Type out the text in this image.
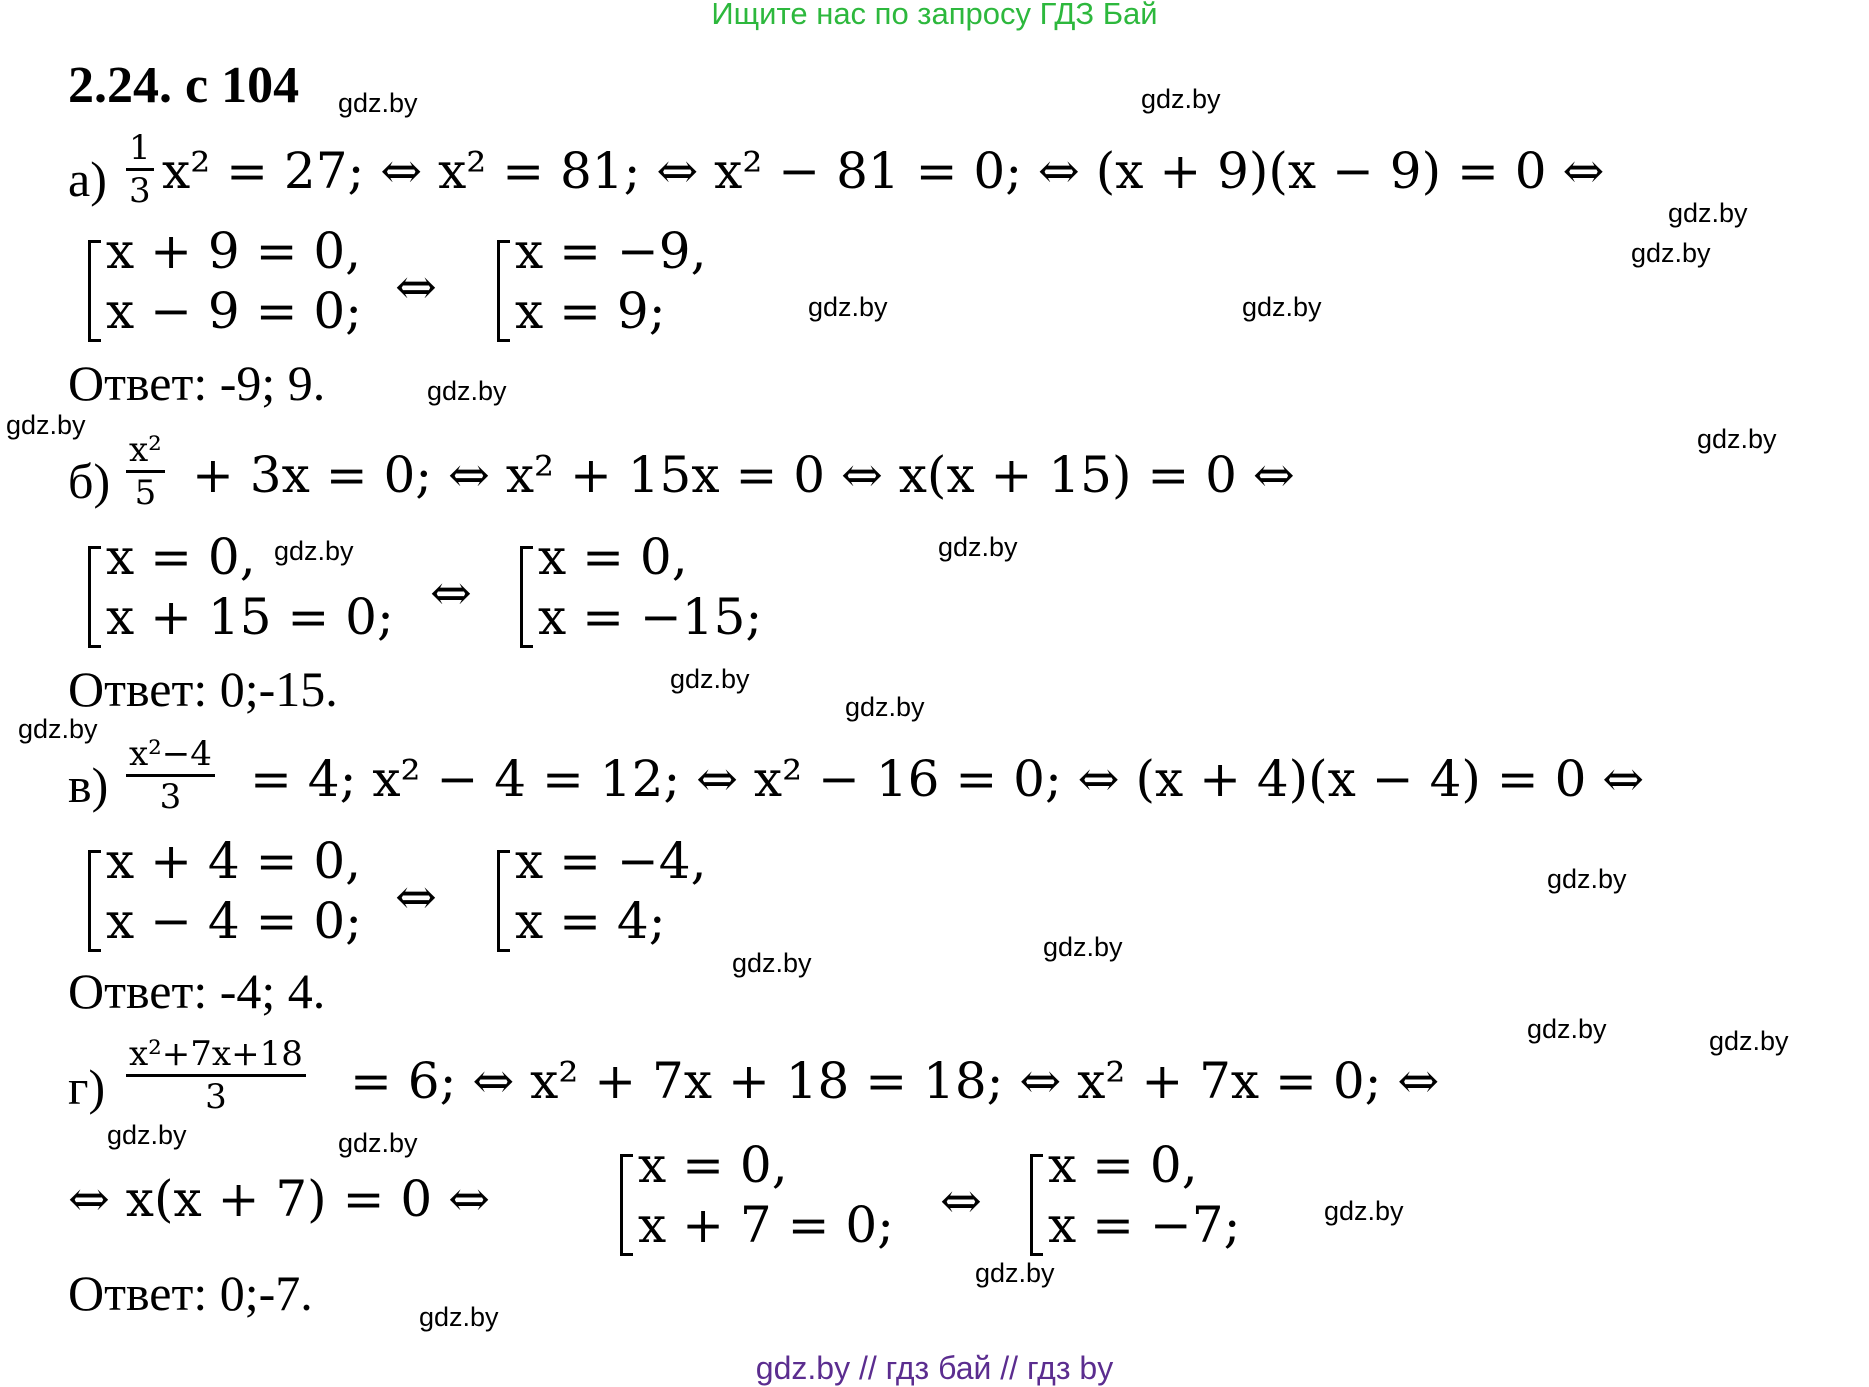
Ищите нас по запросу ГДЗ Бай
2.24. с 104
$а) \frac{1}{3} x^2 = 27$; ⇔ x² = 81; ⇔ x² − 81 = 0; ⇔ (x + 9)(x − 9) = 0 ⇔
x + 9 = 0,
x − 9 = 0; ⇔
x = −9,
x = 9;
Ответ: -9; 9.
$б) \frac{\text{x²}}{5} + 3x = 0$; ⇔ x² + 15x = 0 ⇔ x(x + 15) = 0 ⇔
x = 0,
x + 15 = 0; ⇔
x = 0,
x = −15;
Ответ: 0;-15.
$в) \frac{\text{x²−4}}{3} = 4$; x² − 4 = 12; ⇔ x² − 16 = 0; ⇔ (x + 4)(x − 4) = 0 ⇔
x + 4 = 0,
x − 4 = 0; ⇔
x = −4,
x = 4;
Ответ: -4; 4.
$г) \frac{\text{x²+7x+18}}{3} = 6$; ⇔ x² + 7x + 18 = 18; ⇔ x² + 7x = 0; ⇔
⇔ x(x + 7) = 0 ⇔
x = 0,
x + 7 = 0; ⇔
x = 0,
x = −7;
Ответ: 0;-7.
gdz.by	gdz.by
gdz.by
gdz.by
gdz.by	gdz.by
gdz.by
gdz.by	gdz.by
gdz.by	gdz.by
gdz.by
gdz.by
gdz.by
gdz.by
gdz.by
gdz.by
gdz.by	gdz.by
gdz.by	gdz.by
gdz.by
gdz.by
gdz.by
gdz.by // гдз бай // гдз by
